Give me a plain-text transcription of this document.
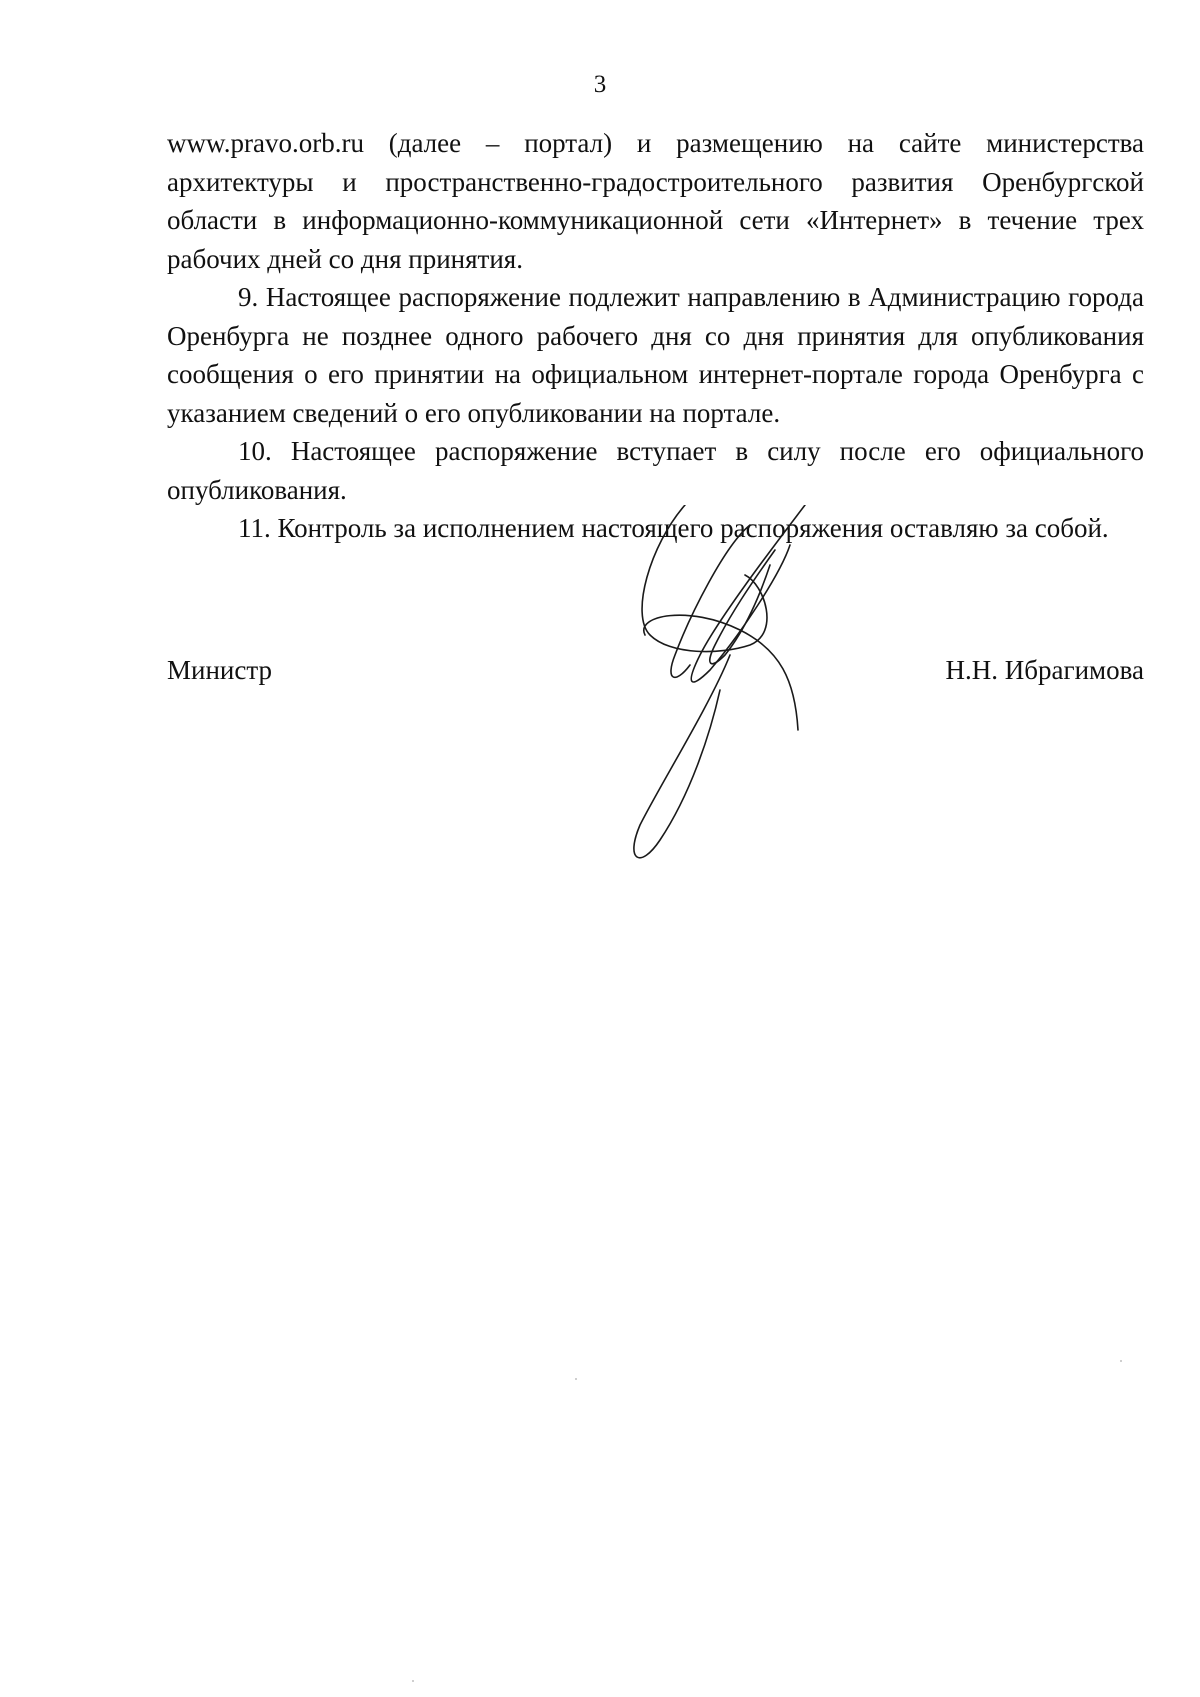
3

www.pravo.orb.ru (далее – портал) и размещению на сайте министерства архитектуры и пространственно-градостроительного развития Оренбургской области в информационно-коммуникационной сети «Интернет» в течение трех рабочих дней со дня принятия.

9. Настоящее распоряжение подлежит направлению в Администрацию города Оренбурга не позднее одного рабочего дня со дня принятия для опубликования сообщения о его принятии на официальном интернет-портале города Оренбурга с указанием сведений о его опубликовании на портале.

10. Настоящее распоряжение вступает в силу после его официального опубликования.

11. Контроль за исполнением настоящего распоряжения оставляю за собой.

Министр	Н.Н. Ибрагимова
